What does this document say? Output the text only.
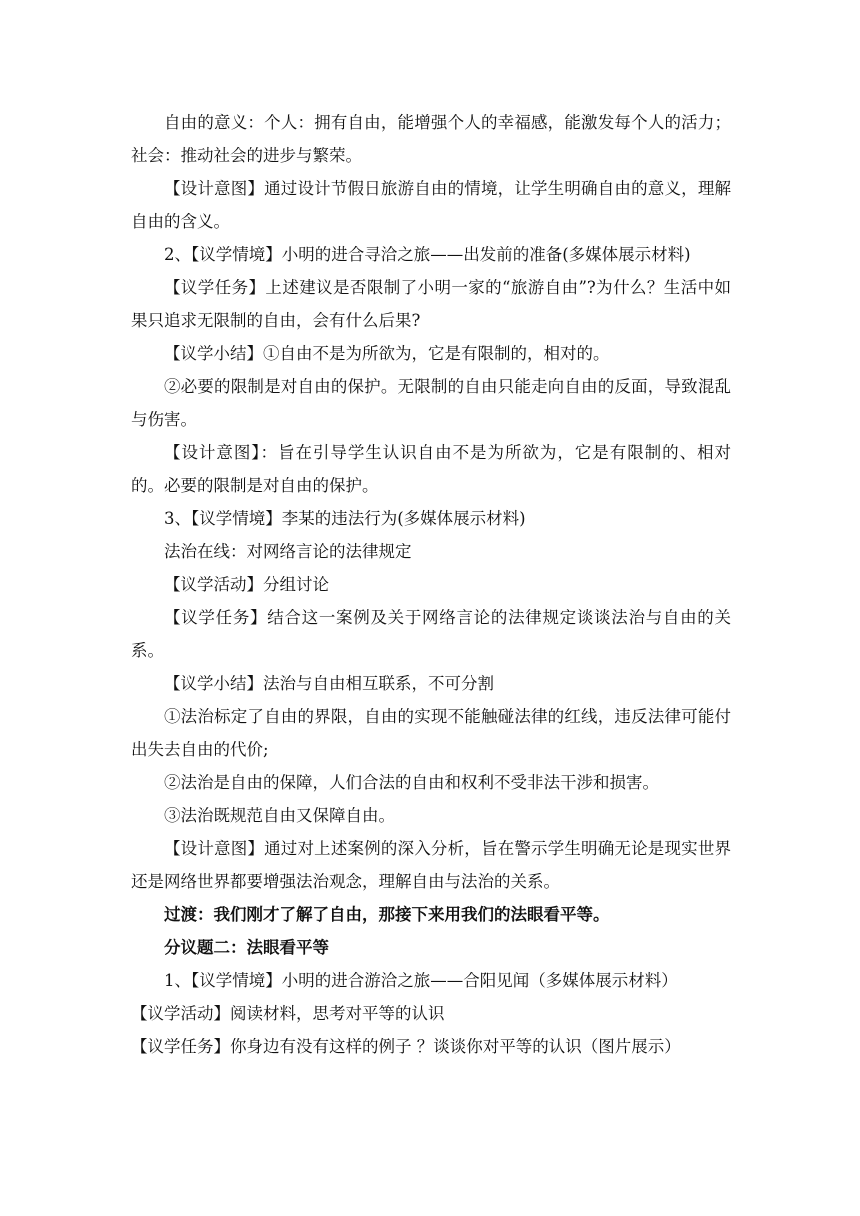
自由的意义：个人：拥有自由，能增强个人的幸福感，能激发每个人的活力；社会：推动社会的进步与繁荣。

【设计意图】通过设计节假日旅游自由的情境，让学生明确自由的意义，理解自由的含义。

2、【议学情境】小明的进合寻洽之旅——出发前的准备(多媒体展示材料)

【议学任务】上述建议是否限制了小明一家的“旅游自由”?为什么？生活中如果只追求无限制的自由，会有什么后果?

【议学小结】①自由不是为所欲为，它是有限制的，相对的。

②必要的限制是对自由的保护。无限制的自由只能走向自由的反面，导致混乱与伤害。

【设计意图】：旨在引导学生认识自由不是为所欲为，它是有限制的、相对的。必要的限制是对自由的保护。

3、【议学情境】李某的违法行为(多媒体展示材料)

法治在线：对网络言论的法律规定

【议学活动】分组讨论

【议学任务】结合这一案例及关于网络言论的法律规定谈谈法治与自由的关系。

【议学小结】法治与自由相互联系，不可分割

①法治标定了自由的界限，自由的实现不能触碰法律的红线，违反法律可能付出失去自由的代价;

②法治是自由的保障，人们合法的自由和权利不受非法干涉和损害。

③法治既规范自由又保障自由。

【设计意图】通过对上述案例的深入分析，旨在警示学生明确无论是现实世界还是网络世界都要增强法治观念，理解自由与法治的关系。

过渡：我们刚才了解了自由，那接下来用我们的法眼看平等。

分议题二：法眼看平等

1、【议学情境】小明的进合游洽之旅——合阳见闻（多媒体展示材料）

【议学活动】阅读材料，思考对平等的认识

【议学任务】你身边有没有这样的例子 ？谈谈你对平等的认识（图片展示）
